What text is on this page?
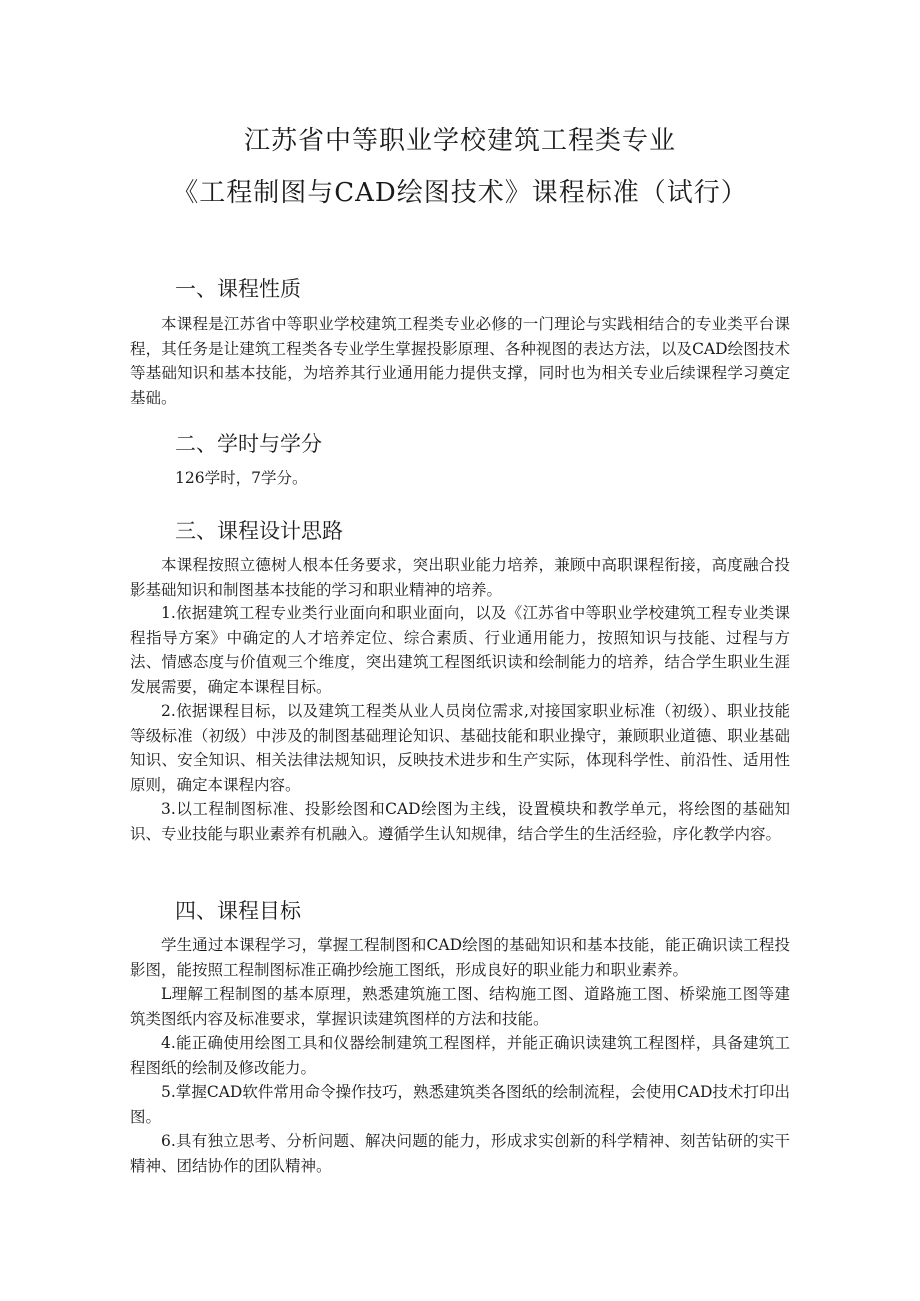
江苏省中等职业学校建筑工程类专业
《工程制图与CAD绘图技术》课程标准（试行）
一、课程性质

本课程是江苏省中等职业学校建筑工程类专业必修的一门理论与实践相结合的专业类平台课程，其任务是让建筑工程类各专业学生掌握投影原理、各种视图的表达方法，以及CAD绘图技术等基础知识和基本技能，为培养其行业通用能力提供支撑，同时也为相关专业后续课程学习奠定基础。

二、学时与学分
126学时，7学分。
三、课程设计思路

本课程按照立德树人根本任务要求，突出职业能力培养，兼顾中高职课程衔接，高度融合投影基础知识和制图基本技能的学习和职业精神的培养。

1.依据建筑工程专业类行业面向和职业面向，以及《江苏省中等职业学校建筑工程专业类课程指导方案》中确定的人才培养定位、综合素质、行业通用能力，按照知识与技能、过程与方法、情感态度与价值观三个维度，突出建筑工程图纸识读和绘制能力的培养，结合学生职业生涯发展需要，确定本课程目标。

2.依据课程目标，以及建筑工程类从业人员岗位需求,对接国家职业标准（初级）、职业技能等级标准（初级）中涉及的制图基础理论知识、基础技能和职业操守，兼顾职业道德、职业基础知识、安全知识、相关法律法规知识，反映技术进步和生产实际，体现科学性、前沿性、适用性原则，确定本课程内容。

3.以工程制图标准、投影绘图和CAD绘图为主线，设置模块和教学单元，将绘图的基础知识、专业技能与职业素养有机融入。遵循学生认知规律，结合学生的生活经验，序化教学内容。

四、课程目标

学生通过本课程学习，掌握工程制图和CAD绘图的基础知识和基本技能，能正确识读工程投影图，能按照工程制图标准正确抄绘施工图纸，形成良好的职业能力和职业素养。

L理解工程制图的基本原理，熟悉建筑施工图、结构施工图、道路施工图、桥梁施工图等建筑类图纸内容及标准要求，掌握识读建筑图样的方法和技能。

4.能正确使用绘图工具和仪器绘制建筑工程图样，并能正确识读建筑工程图样，具备建筑工程图纸的绘制及修改能力。

5.掌握CAD软件常用命令操作技巧，熟悉建筑类各图纸的绘制流程，会使用CAD技术打印出图。

6.具有独立思考、分析问题、解决问题的能力，形成求实创新的科学精神、刻苦钻研的实干精神、团结协作的团队精神。
